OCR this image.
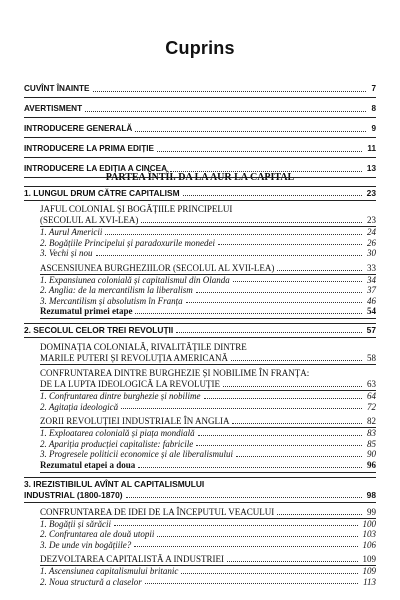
Cuprins
CUVÎNT ÎNAINTE	7
AVERTISMENT	8
INTRODUCERE GENERALĂ	9
INTRODUCERE LA PRIMA EDIȚIE	11
INTRODUCERE LA EDIȚIA A CINCEA	13
PARTEA ÎNTÎI. DA LA AUR LA CAPITAL
1. LUNGUL DRUM CĂTRE CAPITALISM	23
JAFUL COLONIAL ȘI BOGĂȚIILE PRINCIPELUI
(SECOLUL AL XVI-LEA)	23
1. Aurul Americii	24
2. Bogățiile Principelui și paradoxurile monedei	26
3. Vechi și nou	30
ASCENSIUNEA BURGHEZIILOR (SECOLUL AL XVII-LEA)	33
1. Expansiunea colonială și capitalismul din Olanda	34
2. Anglia: de la mercantilism la liberalism	37
3. Mercantilism și absolutism în Franța	46
Rezumatul primei etape	54
2. SECOLUL CELOR TREI REVOLUȚII	57
DOMINAȚIA COLONIALĂ, RIVALITĂȚILE DINTRE
MARILE PUTERI ȘI REVOLUȚIA AMERICANĂ	58
CONFRUNTAREA DINTRE BURGHEZIE ȘI NOBILIME ÎN FRANȚA:
DE LA LUPTA IDEOLOGICĂ LA REVOLUȚIE	63
1. Confruntarea dintre burghezie și nobilime	64
2. Agitația ideologică	72
ZORII REVOLUȚIEI INDUSTRIALE ÎN ANGLIA	82
1. Exploatarea colonială și piața mondială	83
2. Apariția producției capitaliste: fabricile	85
3. Progresele politicii economice și ale liberalismului	90
Rezumatul etapei a doua	96
3. IREZISTIBILUL AVÎNT AL CAPITALISMULUI
INDUSTRIAL (1800-1870)	98
CONFRUNTAREA DE IDEI DE LA ÎNCEPUTUL VEACULUI	99
1. Bogății și sărăcii	100
2. Confruntarea ale două utopii	103
3. De unde vin bogățiile?	106
DEZVOLTAREA CAPITALISTĂ A INDUSTRIEI	109
1. Ascensiunea capitalismului britanic	109
2. Noua structură a claselor	113
